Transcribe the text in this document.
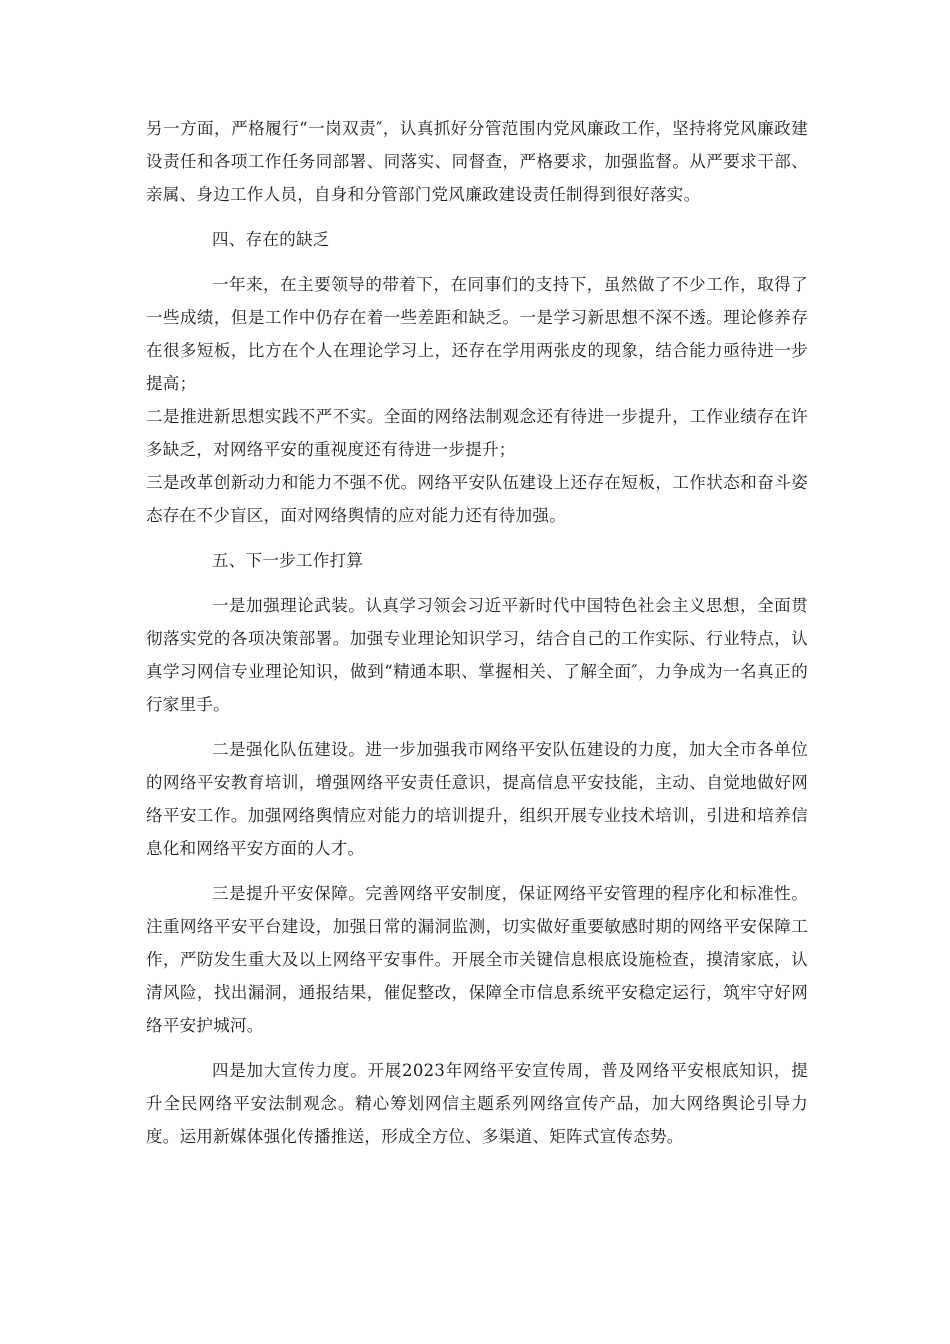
另一方面，严格履行“一岗双责″，认真抓好分管范围内党风廉政工作，坚持将党风廉政建设责任和各项工作任务同部署、同落实、同督查，严格要求，加强监督。从严要求干部、亲属、身边工作人员，自身和分管部门党风廉政建设责任制得到很好落实。

四、存在的缺乏

一年来，在主要领导的带着下，在同事们的支持下，虽然做了不少工作，取得了一些成绩，但是工作中仍存在着一些差距和缺乏。一是学习新思想不深不透。理论修养存在很多短板，比方在个人在理论学习上，还存在学用两张皮的现象，结合能力亟待进一步提高；

二是推进新思想实践不严不实。全面的网络法制观念还有待进一步提升，工作业绩存在许多缺乏，对网络平安的重视度还有待进一步提升；

三是改革创新动力和能力不强不优。网络平安队伍建设上还存在短板，工作状态和奋斗姿态存在不少盲区，面对网络舆情的应对能力还有待加强。

五、下一步工作打算

一是加强理论武装。认真学习领会习近平新时代中国特色社会主义思想，全面贯彻落实党的各项决策部署。加强专业理论知识学习，结合自己的工作实际、行业特点，认真学习网信专业理论知识，做到“精通本职、掌握相关、了解全面″，力争成为一名真正的行家里手。

二是强化队伍建设。进一步加强我市网络平安队伍建设的力度，加大全市各单位的网络平安教育培训，增强网络平安责任意识，提高信息平安技能，主动、自觉地做好网络平安工作。加强网络舆情应对能力的培训提升，组织开展专业技术培训，引进和培养信息化和网络平安方面的人才。

三是提升平安保障。完善网络平安制度，保证网络平安管理的程序化和标准性。注重网络平安平台建设，加强日常的漏洞监测，切实做好重要敏感时期的网络平安保障工作，严防发生重大及以上网络平安事件。开展全市关键信息根底设施检查，摸清家底，认清风险，找出漏洞，通报结果，催促整改，保障全市信息系统平安稳定运行，筑牢守好网络平安护城河。

四是加大宣传力度。开展2023年网络平安宣传周，普及网络平安根底知识，提升全民网络平安法制观念。精心筹划网信主题系列网络宣传产品，加大网络舆论引导力度。运用新媒体强化传播推送，形成全方位、多渠道、矩阵式宣传态势。
